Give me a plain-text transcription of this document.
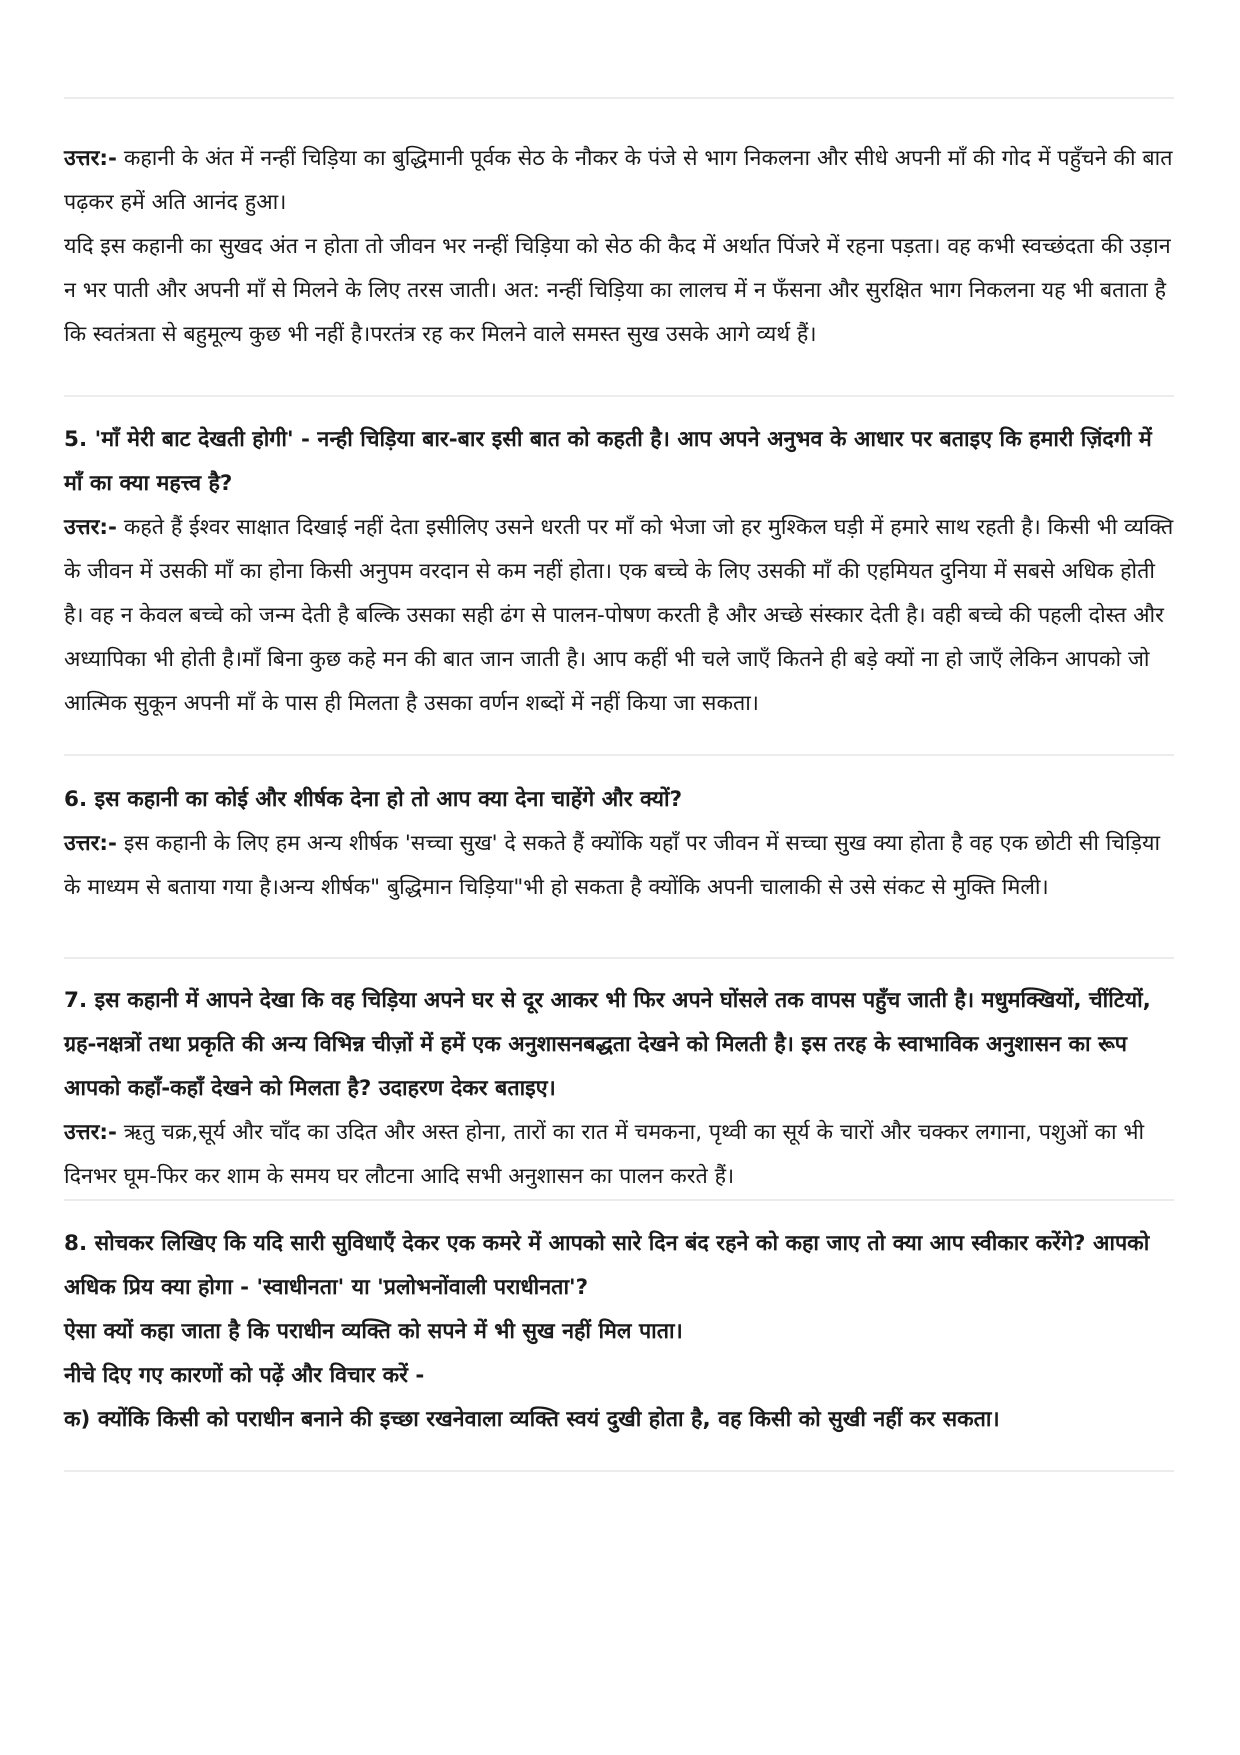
उत्तर:- कहानी के अंत में नन्हीं चिड़िया का बुद्धिमानी पूर्वक सेठ के नौकर के पंजे से भाग निकलना और सीधे अपनी माँ की गोद में पहुँचने की बात पढ़कर हमें अति आनंद हुआ।

यदि इस कहानी का सुखद अंत न होता तो जीवन भर नन्हीं चिड़िया को सेठ की कैद में अर्थात पिंजरे में रहना पड़ता। वह कभी स्वच्छंदता की उड़ान न भर पाती और अपनी माँ से मिलने के लिए तरस जाती। अत: नन्हीं चिड़िया का लालच में न फँसना और सुरक्षित भाग निकलना यह भी बताता है कि स्वतंत्रता से बहुमूल्य कुछ भी नहीं है।परतंत्र रह कर मिलने वाले समस्त सुख उसके आगे व्यर्थ हैं।

5. 'माँ मेरी बाट देखती होगी' - नन्ही चिड़िया बार-बार इसी बात को कहती है। आप अपने अनुभव के आधार पर बताइए कि हमारी ज़िंदगी में माँ का क्या महत्त्व है?

उत्तर:- कहते हैं ईश्वर साक्षात दिखाई नहीं देता इसीलिए उसने धरती पर माँ को भेजा जो हर मुश्किल घड़ी में हमारे साथ रहती है। किसी भी व्यक्ति के जीवन में उसकी माँ का होना किसी अनुपम वरदान से कम नहीं होता। एक बच्चे के लिए उसकी माँ की एहमियत दुनिया में सबसे अधिक होती है। वह न केवल बच्चे को जन्म देती है बल्कि उसका सही ढंग से पालन-पोषण करती है और अच्छे संस्कार देती है। वही बच्चे की पहली दोस्त और अध्यापिका भी होती है।माँ बिना कुछ कहे मन की बात जान जाती है। आप कहीं भी चले जाएँ कितने ही बड़े क्यों ना हो जाएँ लेकिन आपको जो आत्मिक सुकून अपनी माँ के पास ही मिलता है उसका वर्णन शब्दों में नहीं किया जा सकता।

6. इस कहानी का कोई और शीर्षक देना हो तो आप क्या देना चाहेंगे और क्यों?

उत्तर:- इस कहानी के लिए हम अन्य शीर्षक 'सच्चा सुख' दे सकते हैं क्योंकि यहाँ पर जीवन में सच्चा सुख क्या होता है वह एक छोटी सी चिड़िया के माध्यम से बताया गया है।अन्य शीर्षक" बुद्धिमान चिड़िया"भी हो सकता है क्योंकि अपनी चालाकी से उसे संकट से मुक्ति मिली।

7. इस कहानी में आपने देखा कि वह चिड़िया अपने घर से दूर आकर भी फिर अपने घोंसले तक वापस पहुँच जाती है। मधुमक्खियों, चींटियों, ग्रह-नक्षत्रों तथा प्रकृति की अन्य विभिन्न चीज़ों में हमें एक अनुशासनबद्धता देखने को मिलती है। इस तरह के स्वाभाविक अनुशासन का रूप आपको कहाँ-कहाँ देखने को मिलता है? उदाहरण देकर बताइए।

उत्तर:- ऋतु चक्र,सूर्य और चाँद का उदित और अस्त होना, तारों का रात में चमकना, पृथ्वी का सूर्य के चारों और चक्कर लगाना, पशुओं का भी दिनभर घूम-फिर कर शाम के समय घर लौटना आदि सभी अनुशासन का पालन करते हैं।

8. सोचकर लिखिए कि यदि सारी सुविधाएँ देकर एक कमरे में आपको सारे दिन बंद रहने को कहा जाए तो क्या आप स्वीकार करेंगे? आपको अधिक प्रिय क्या होगा - 'स्वाधीनता' या 'प्रलोभनोंवाली पराधीनता'?

ऐसा क्यों कहा जाता है कि पराधीन व्यक्ति को सपने में भी सुख नहीं मिल पाता।

नीचे दिए गए कारणों को पढ़ें और विचार करें -

क) क्योंकि किसी को पराधीन बनाने की इच्छा रखनेवाला व्यक्ति स्वयं दुखी होता है, वह किसी को सुखी नहीं कर सकता।
